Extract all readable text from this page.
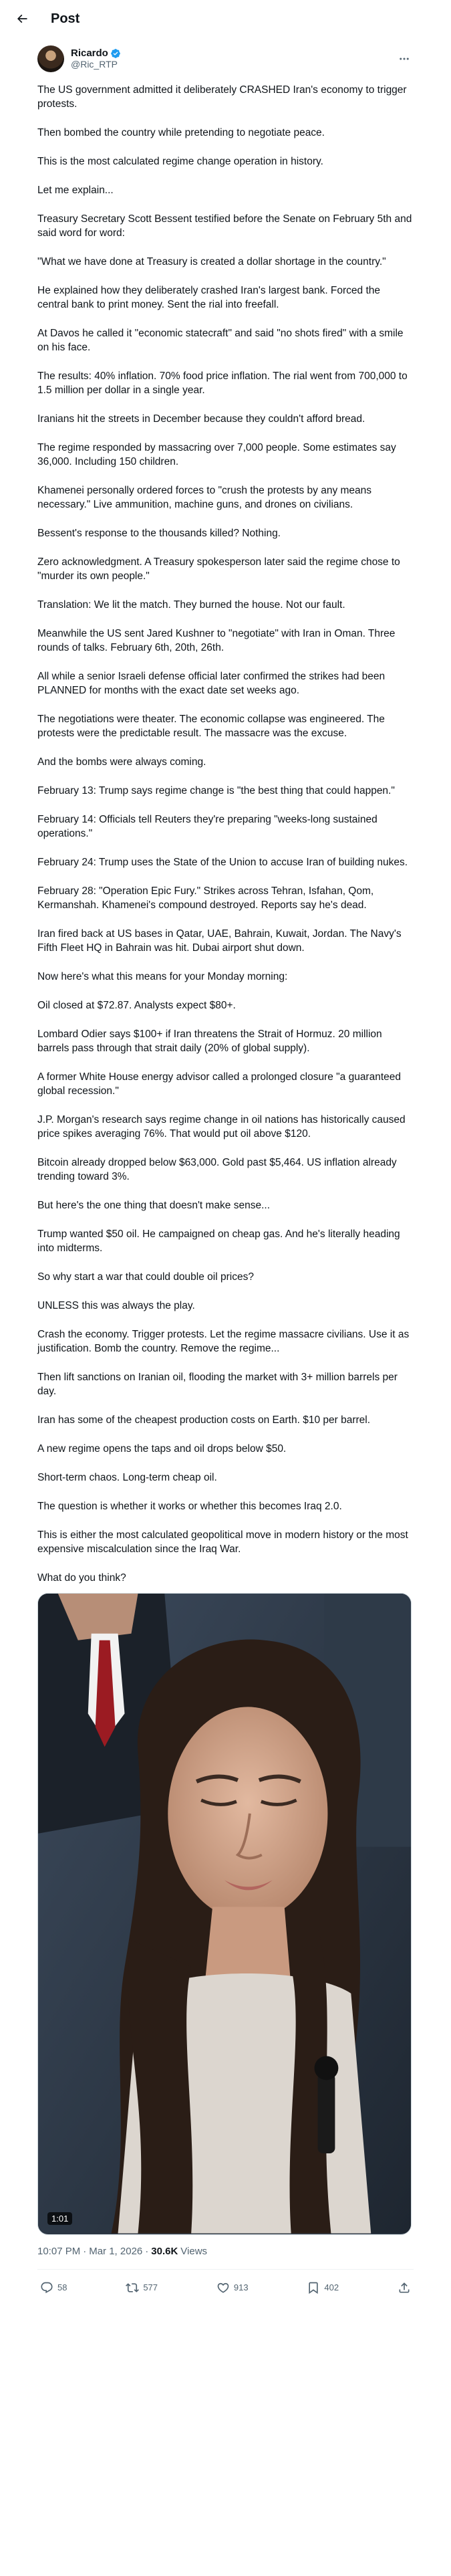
Post
Ricardo
@Ric_RTP

The US government admitted it deliberately CRASHED Iran's economy to trigger protests.

Then bombed the country while pretending to negotiate peace.

This is the most calculated regime change operation in history.

Let me explain...

Treasury Secretary Scott Bessent testified before the Senate on February 5th and said word for word:

"What we have done at Treasury is created a dollar shortage in the country."

He explained how they deliberately crashed Iran's largest bank. Forced the central bank to print money. Sent the rial into freefall.

At Davos he called it "economic statecraft" and said "no shots fired" with a smile on his face.

The results: 40% inflation. 70% food price inflation. The rial went from 700,000 to 1.5 million per dollar in a single year.

Iranians hit the streets in December because they couldn't afford bread.

The regime responded by massacring over 7,000 people. Some estimates say 36,000. Including 150 children.

Khamenei personally ordered forces to "crush the protests by any means necessary." Live ammunition, machine guns, and drones on civilians.

Bessent's response to the thousands killed? Nothing.

Zero acknowledgment. A Treasury spokesperson later said the regime chose to "murder its own people."

Translation: We lit the match. They burned the house. Not our fault.

Meanwhile the US sent Jared Kushner to "negotiate" with Iran in Oman. Three rounds of talks. February 6th, 20th, 26th.

All while a senior Israeli defense official later confirmed the strikes had been PLANNED for months with the exact date set weeks ago.

The negotiations were theater. The economic collapse was engineered. The protests were the predictable result. The massacre was the excuse.

And the bombs were always coming.

February 13: Trump says regime change is "the best thing that could happen."

February 14: Officials tell Reuters they're preparing "weeks-long sustained operations."

February 24: Trump uses the State of the Union to accuse Iran of building nukes.

February 28: "Operation Epic Fury." Strikes across Tehran, Isfahan, Qom, Kermanshah. Khamenei's compound destroyed. Reports say he's dead.

Iran fired back at US bases in Qatar, UAE, Bahrain, Kuwait, Jordan. The Navy's Fifth Fleet HQ in Bahrain was hit. Dubai airport shut down.

Now here's what this means for your Monday morning:

Oil closed at $72.87. Analysts expect $80+.

Lombard Odier says $100+ if Iran threatens the Strait of Hormuz. 20 million barrels pass through that strait daily (20% of global supply).

A former White House energy advisor called a prolonged closure "a guaranteed global recession."

J.P. Morgan's research says regime change in oil nations has historically caused price spikes averaging 76%. That would put oil above $120.

Bitcoin already dropped below $63,000. Gold past $5,464. US inflation already trending toward 3%.

But here's the one thing that doesn't make sense...

Trump wanted $50 oil. He campaigned on cheap gas. And he's literally heading into midterms.

So why start a war that could double oil prices?

UNLESS this was always the play.

Crash the economy. Trigger protests. Let the regime massacre civilians. Use it as justification. Bomb the country. Remove the regime...

Then lift sanctions on Iranian oil, flooding the market with 3+ million barrels per day.

Iran has some of the cheapest production costs on Earth. $10 per barrel.

A new regime opens the taps and oil drops below $50.

Short-term chaos. Long-term cheap oil.

The question is whether it works or whether this becomes Iraq 2.0.

This is either the most calculated geopolitical move in modern history or the most expensive miscalculation since the Iraq War.

What do you think?

1:01
10:07 PM · Mar 1, 2026 · 30.6K Views
58	577	913	402
